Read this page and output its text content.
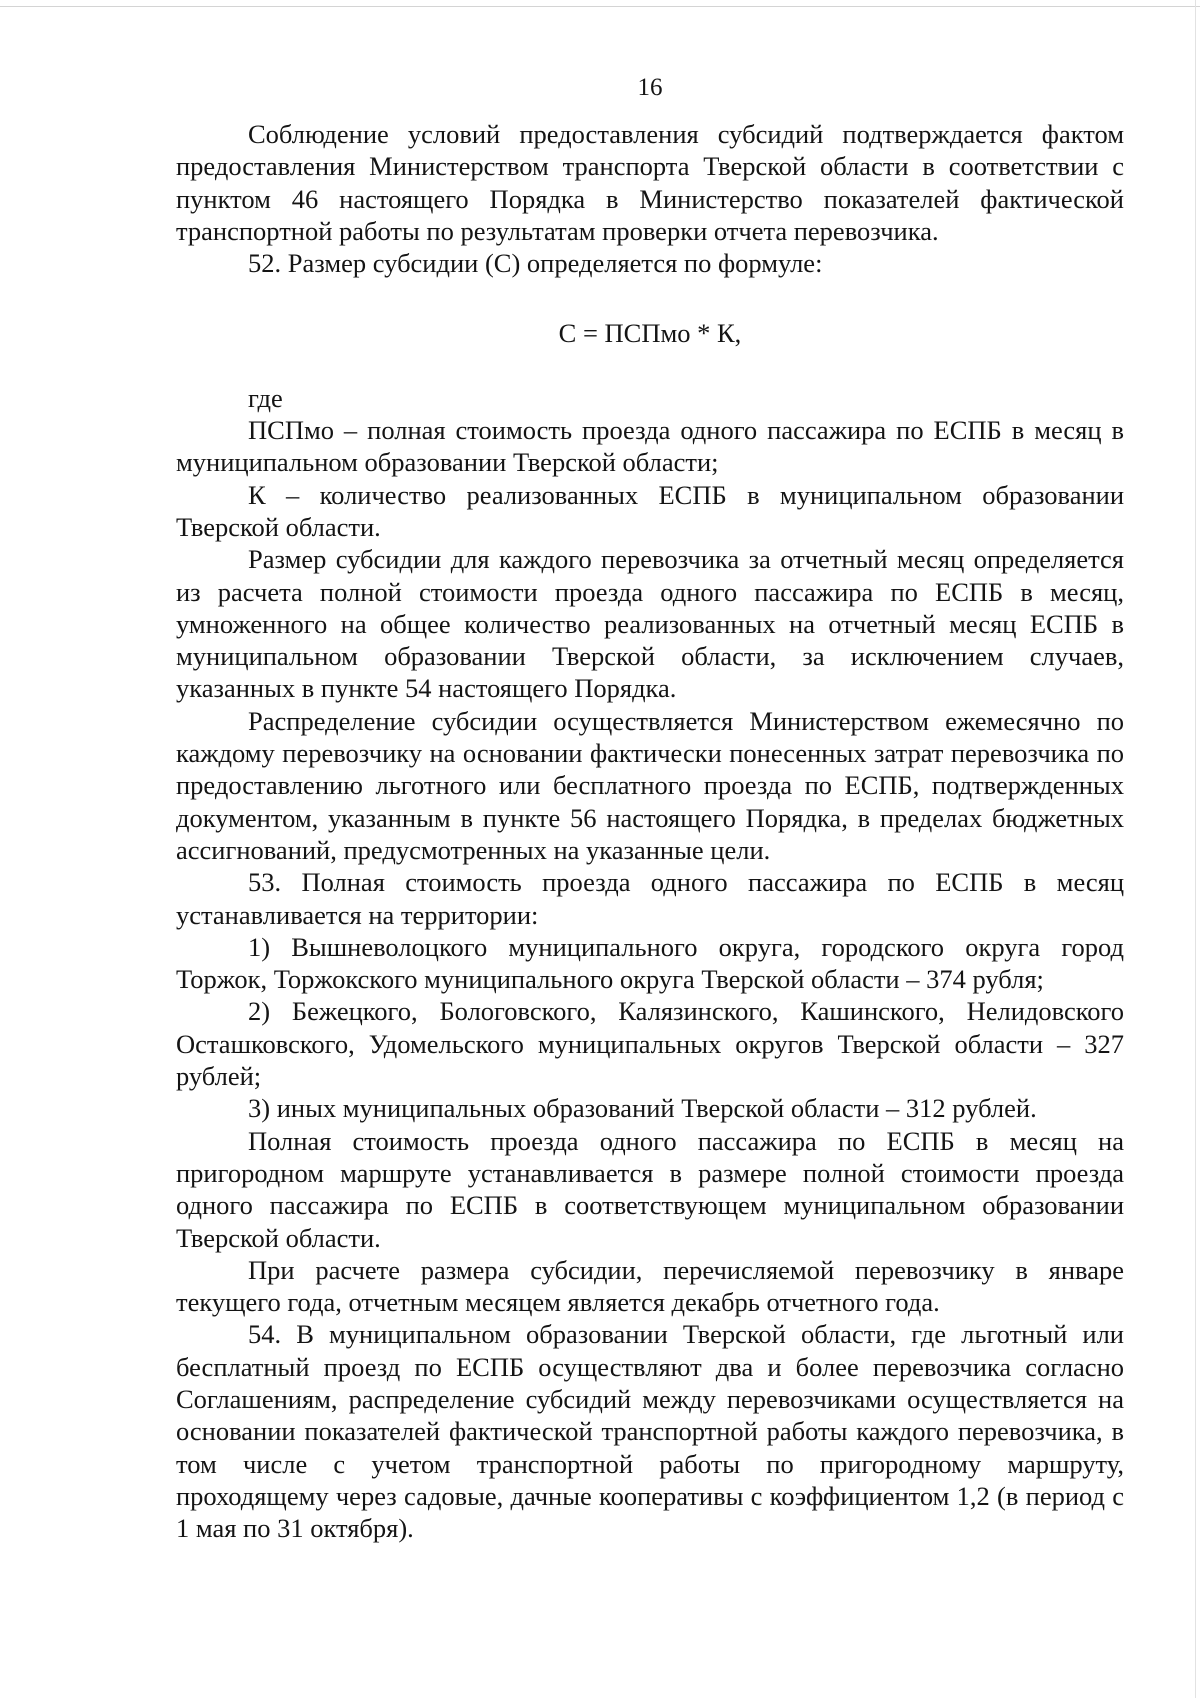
16

Соблюдение условий предоставления субсидий подтверждается фактом предоставления Министерством транспорта Тверской области в соответствии с пунктом 46 настоящего Порядка в Министерство показателей фактической транспортной работы по результатам проверки отчета перевозчика.

52. Размер субсидии (С) определяется по формуле:

С = ПСПмо * К,

где

ПСПмо – полная стоимость проезда одного пассажира по ЕСПБ в месяц в муниципальном образовании Тверской области;

К – количество реализованных ЕСПБ в муниципальном образовании Тверской области.

Размер субсидии для каждого перевозчика за отчетный месяц определяется из расчета полной стоимости проезда одного пассажира по ЕСПБ в месяц, умноженного на общее количество реализованных на отчетный месяц ЕСПБ в муниципальном образовании Тверской области, за исключением случаев, указанных в пункте 54 настоящего Порядка.

Распределение субсидии осуществляется Министерством ежемесячно по каждому перевозчику на основании фактически понесенных затрат перевозчика по предоставлению льготного или бесплатного проезда по ЕСПБ, подтвержденных документом, указанным в пункте 56 настоящего Порядка, в пределах бюджетных ассигнований, предусмотренных на указанные цели.

53. Полная стоимость проезда одного пассажира по ЕСПБ в месяц устанавливается на территории:

1) Вышневолоцкого муниципального округа, городского округа город Торжок, Торжокского муниципального округа Тверской области – 374 рубля;

2) Бежецкого, Бологовского, Калязинского, Кашинского, Нелидовского Осташковского, Удомельского муниципальных округов Тверской области – 327 рублей;

3) иных муниципальных образований Тверской области – 312 рублей.

Полная стоимость проезда одного пассажира по ЕСПБ в месяц на пригородном маршруте устанавливается в размере полной стоимости проезда одного пассажира по ЕСПБ в соответствующем муниципальном образовании Тверской области.

При расчете размера субсидии, перечисляемой перевозчику в январе текущего года, отчетным месяцем является декабрь отчетного года.

54. В муниципальном образовании Тверской области, где льготный или бесплатный проезд по ЕСПБ осуществляют два и более перевозчика согласно Соглашениям, распределение субсидий между перевозчиками осуществляется на основании показателей фактической транспортной работы каждого перевозчика, в том числе с учетом транспортной работы по пригородному маршруту, проходящему через садовые, дачные кооперативы с коэффициентом 1,2 (в период с 1 мая по 31 октября).
